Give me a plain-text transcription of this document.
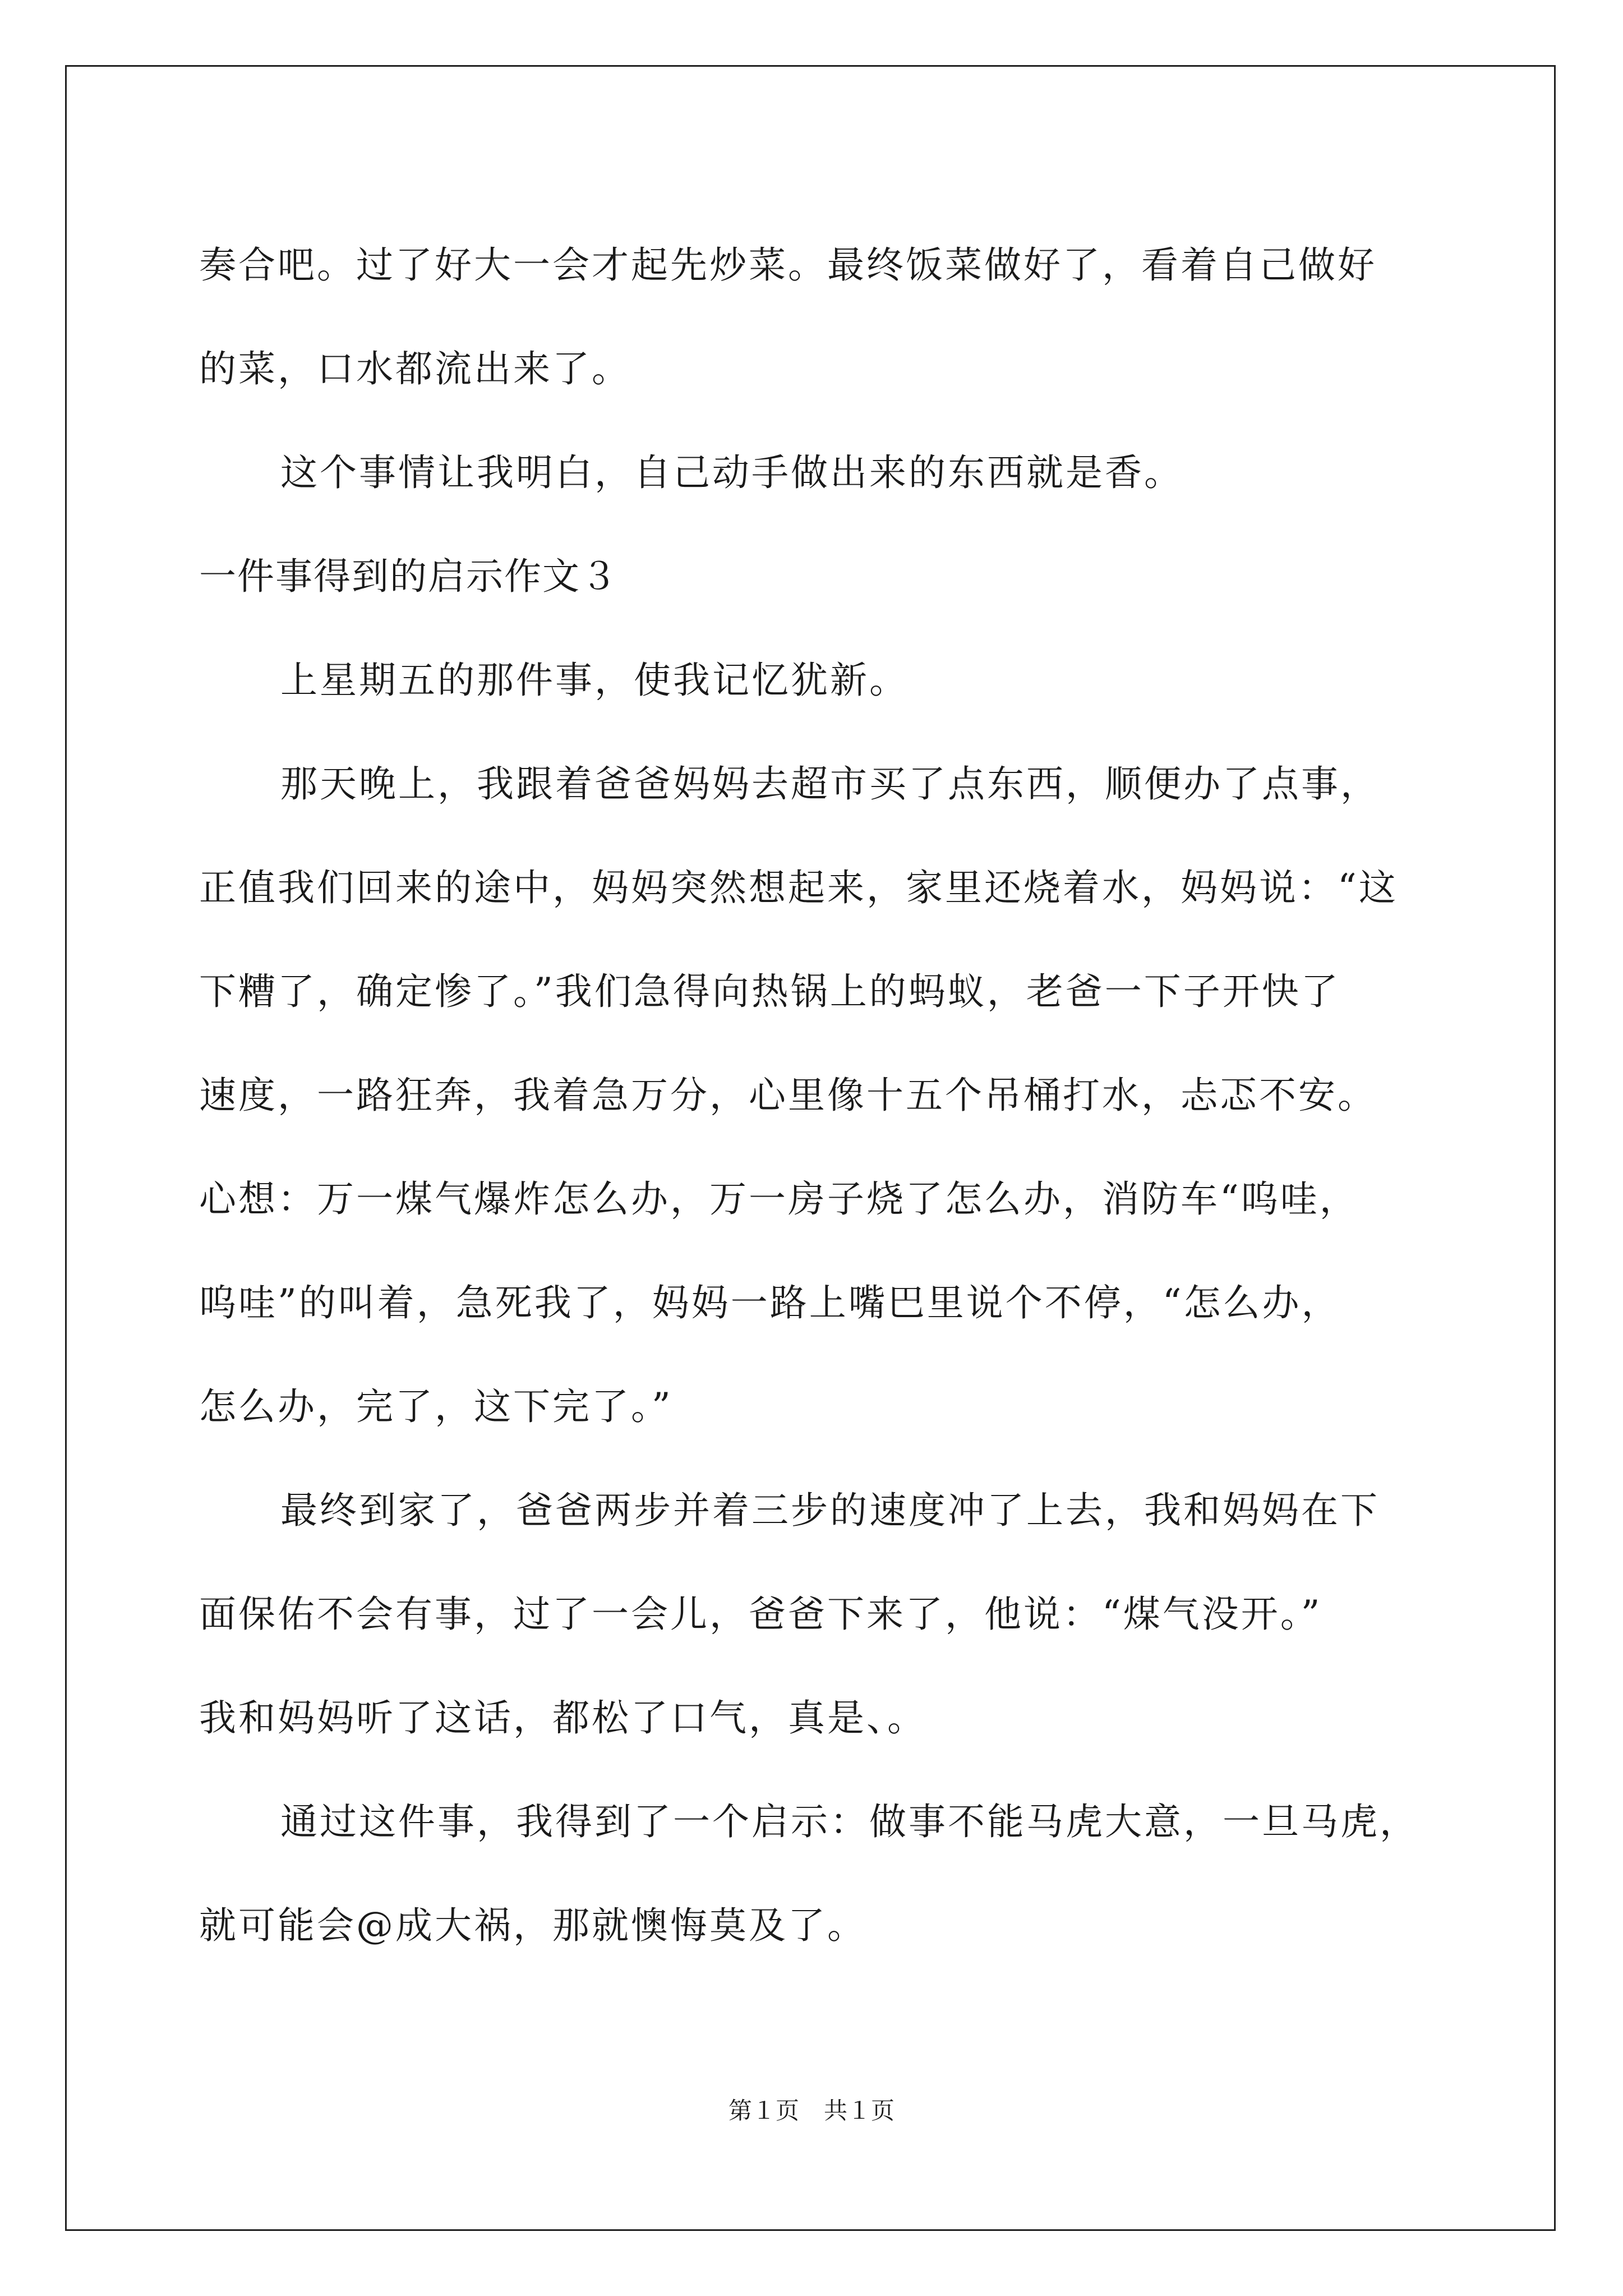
奏合吧。过了好大一会才起先炒菜。最终饭菜做好了，看着自己做好
的菜，口水都流出来了。
这个事情让我明白，自己动手做出来的东西就是香。
一件事得到的启示作文３
上星期五的那件事，使我记忆犹新。
那天晚上，我跟着爸爸妈妈去超市买了点东西，顺便办了点事，
正值我们回来的途中，妈妈突然想起来，家里还烧着水，妈妈说：“这
下糟了，确定惨了。”我们急得向热锅上的蚂蚁，老爸一下子开快了
速度，一路狂奔，我着急万分，心里像十五个吊桶打水，忐忑不安。
心想：万一煤气爆炸怎么办，万一房子烧了怎么办，消防车“呜哇，
呜哇”的叫着，急死我了，妈妈一路上嘴巴里说个不停，“怎么办，
怎么办，完了，这下完了。”
最终到家了，爸爸两步并着三步的速度冲了上去，我和妈妈在下
面保佑不会有事，过了一会儿，爸爸下来了，他说：“煤气没开。”
我和妈妈听了这话，都松了口气，真是、。
通过这件事，我得到了一个启示：做事不能马虎大意，一旦马虎，
就可能会@成大祸，那就懊悔莫及了。
第１页 共１页
